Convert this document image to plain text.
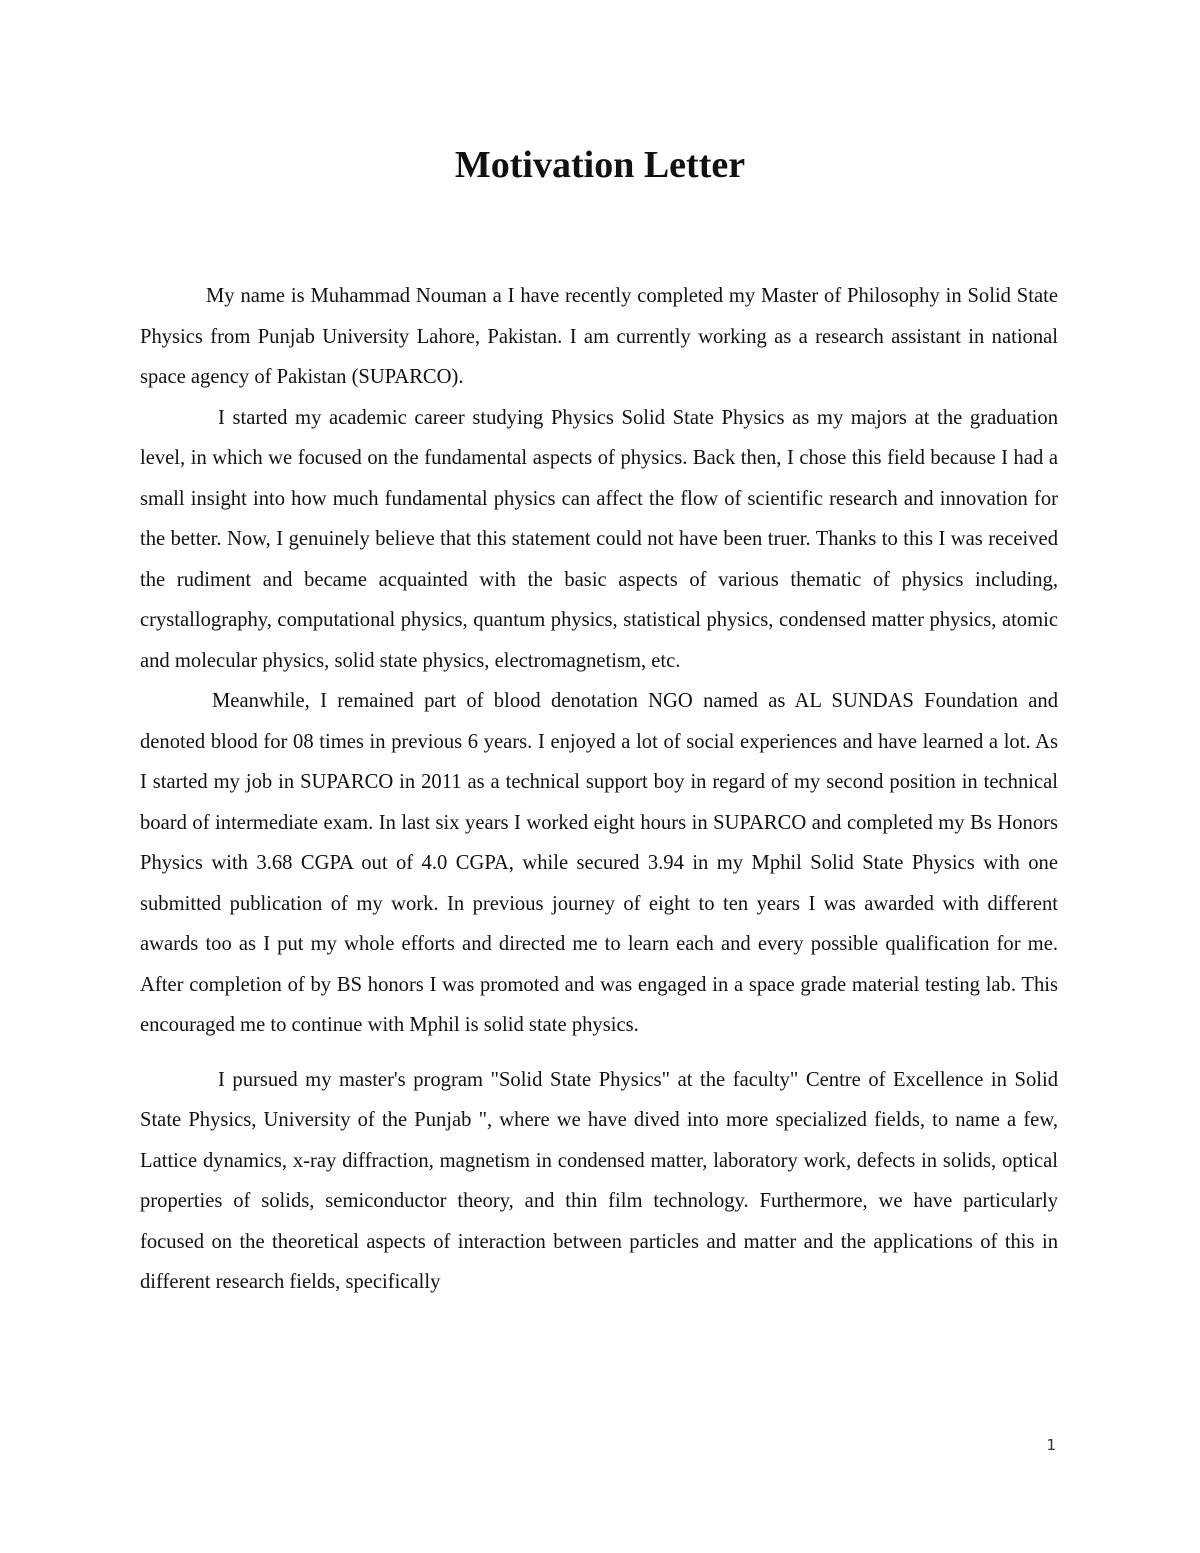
Motivation Letter

My name is Muhammad Nouman a I have recently completed my Master of Philosophy in Solid State Physics from Punjab University Lahore, Pakistan. I am currently working as a research assistant in national space agency of Pakistan (SUPARCO).

I started my academic career studying Physics Solid State Physics as my majors at the graduation level, in which we focused on the fundamental aspects of physics. Back then, I chose this field because I had a small insight into how much fundamental physics can affect the flow of scientific research and innovation for the better. Now, I genuinely believe that this statement could not have been truer. Thanks to this I was received the rudiment and became acquainted with the basic aspects of various thematic of physics including, crystallography, computational physics, quantum physics, statistical physics, condensed matter physics, atomic and molecular physics, solid state physics, electromagnetism, etc.

Meanwhile, I remained part of blood denotation NGO named as AL SUNDAS Foundation and denoted blood for 08 times in previous 6 years. I enjoyed a lot of social experiences and have learned a lot. As I started my job in SUPARCO in 2011 as a technical support boy in regard of my second position in technical board of intermediate exam. In last six years I worked eight hours in SUPARCO and completed my Bs Honors Physics with 3.68 CGPA out of 4.0 CGPA, while secured 3.94 in my Mphil Solid State Physics with one submitted publication of my work. In previous journey of eight to ten years I was awarded with different awards too as I put my whole efforts and directed me to learn each and every possible qualification for me. After completion of by BS honors I was promoted and was engaged in a space grade material testing lab. This encouraged me to continue with Mphil is solid state physics.

I pursued my master's program "Solid State Physics" at the faculty" Centre of Excellence in Solid State Physics, University of the Punjab ", where we have dived into more specialized fields, to name a few, Lattice dynamics, x-ray diffraction, magnetism in condensed matter, laboratory work, defects in solids, optical properties of solids, semiconductor theory, and thin film technology. Furthermore, we have particularly focused on the theoretical aspects of interaction between particles and matter and the applications of this in different research fields, specifically

1
